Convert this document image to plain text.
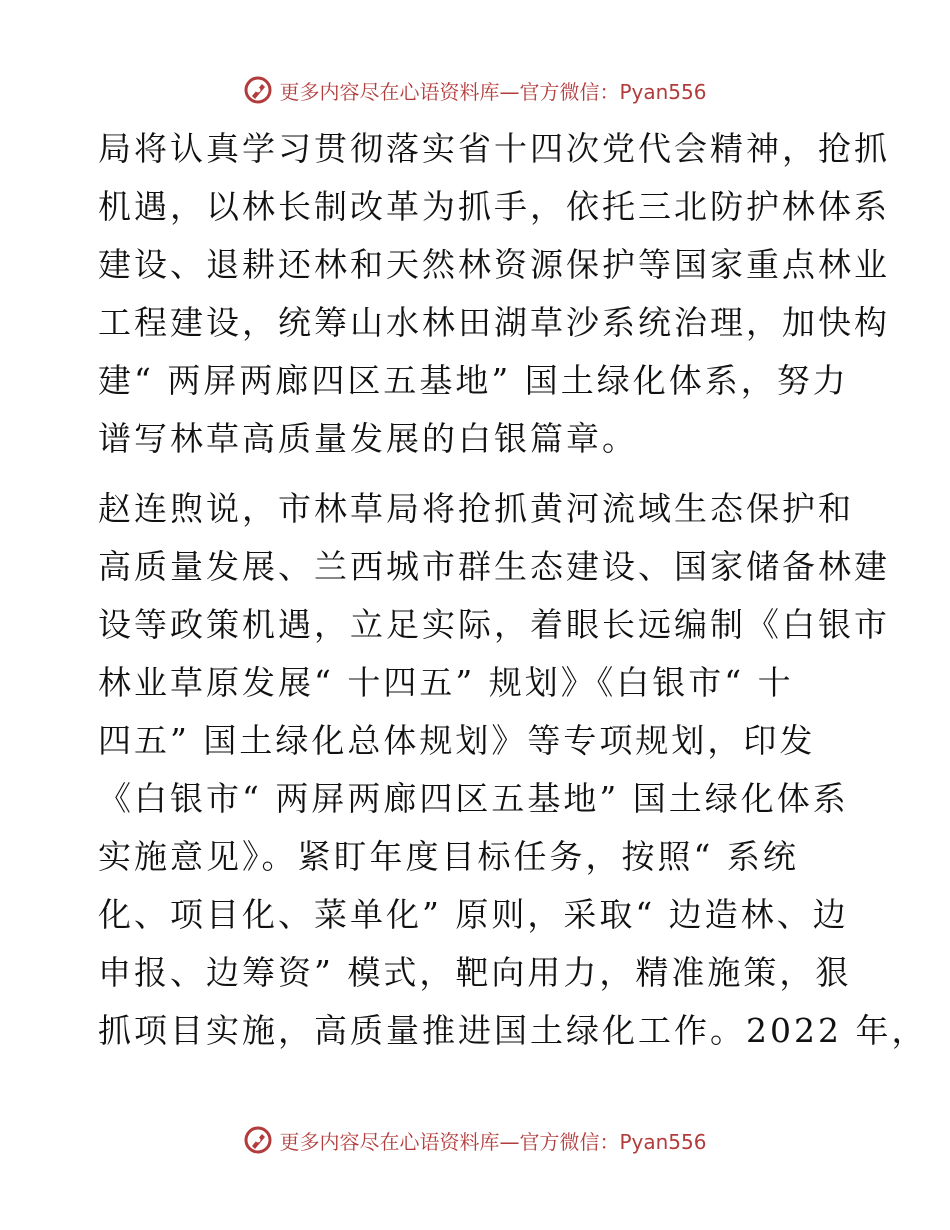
更多内容尽在心语资料库—官方微信：Pyan556
局将认真学习贯彻落实省十四次党代会精神，抢抓
机遇，以林长制改革为抓手，依托三北防护林体系
建设、退耕还林和天然林资源保护等国家重点林业
工程建设，统筹山水林田湖草沙系统治理，加快构
建“ 两屏两廊四区五基地” 国土绿化体系，努力
谱写林草高质量发展的白银篇章。
赵连煦说，市林草局将抢抓黄河流域生态保护和
高质量发展、兰西城市群生态建设、国家储备林建
设等政策机遇，立足实际，着眼长远编制《白银市
林业草原发展“ 十四五” 规划》《白银市“ 十
四五” 国土绿化总体规划》等专项规划，印发
《白银市“ 两屏两廊四区五基地” 国土绿化体系
实施意见》。紧盯年度目标任务，按照“ 系统
化、项目化、菜单化” 原则，采取“ 边造林、边
申报、边筹资” 模式，靶向用力，精准施策，狠
抓项目实施，高质量推进国土绿化工作。2022 年，
更多内容尽在心语资料库—官方微信：Pyan556
